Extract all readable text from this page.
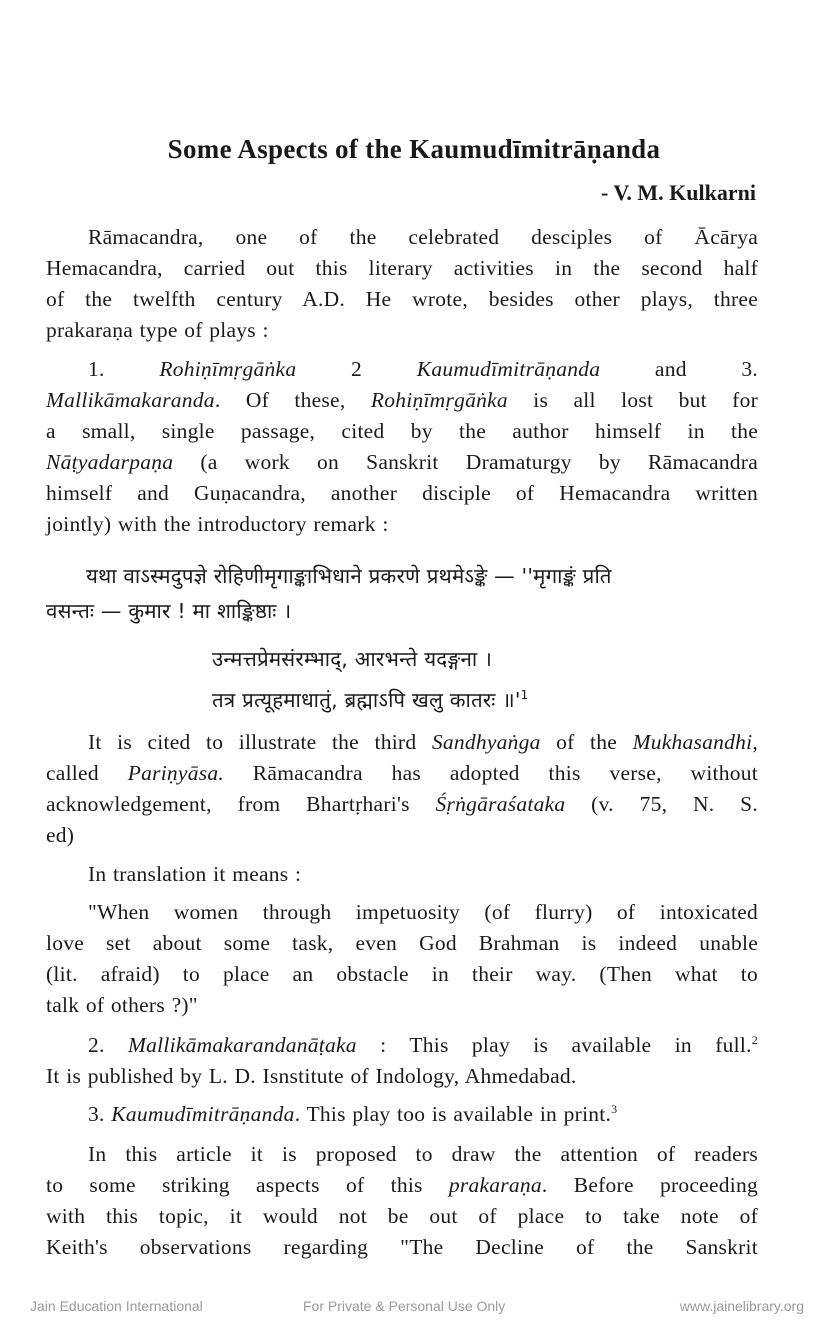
Some Aspects of the Kaumudīmitrāṇanda
- V. M. Kulkarni
Rāmacandra, one of the celebrated desciples of Ācārya
Hemacandra, carried out this literary activities in the second half
of the twelfth century A.D. He wrote, besides other plays, three
prakaraṇa type of plays :
1. Rohiṇīmṛgāṅka 2 Kaumudīmitrāṇanda and 3.
Mallikāmakaranda. Of these, Rohiṇīmṛgāṅka is all lost but for
a small, single passage, cited by the author himself in the
Nāṭyadarpaṇa (a work on Sanskrit Dramaturgy by Rāmacandra
himself and Guṇacandra, another disciple of Hemacandra written
jointly) with the introductory remark :
यथा वाऽस्मदुपज्ञे रोहिणीमृगाङ्काभिधाने प्रकरणे प्रथमेऽङ्के — ''मृगाङ्कं प्रति
वसन्तः — कुमार ! मा शाङ्किष्ठाः ।
उन्मत्तप्रेमसंरम्भाद्, आरभन्ते यदङ्गना ।
तत्र प्रत्यूहमाधातुं, ब्रह्माऽपि खलु कातरः $॥'^1$
It is cited to illustrate the third Sandhyaṅga of the Mukhasandhi,
called Pariṇyāsa. Rāmacandra has adopted this verse, without
acknowledgement, from Bhartṛhari's Śṛṅgāraśataka (v. 75, N. S.
ed)
In translation it means :
"When women through impetuosity (of flurry) of intoxicated
love set about some task, even God Brahman is indeed unable
(lit. afraid) to place an obstacle in their way. (Then what to
talk of others ?)"
2. Mallikāmakarandanāṭaka : This play is available in full.$^2$
It is published by L. D. Isnstitute of Indology, Ahmedabad.
3. Kaumudīmitrāṇanda. This play too is available in print.$^3$
In this article it is proposed to draw the attention of readers
to some striking aspects of this prakaraṇa. Before proceeding
with this topic, it would not be out of place to take note of
Keith's observations regarding "The Decline of the Sanskrit
Jain Education International	For Private & Personal Use Only	www.jainelibrary.org
